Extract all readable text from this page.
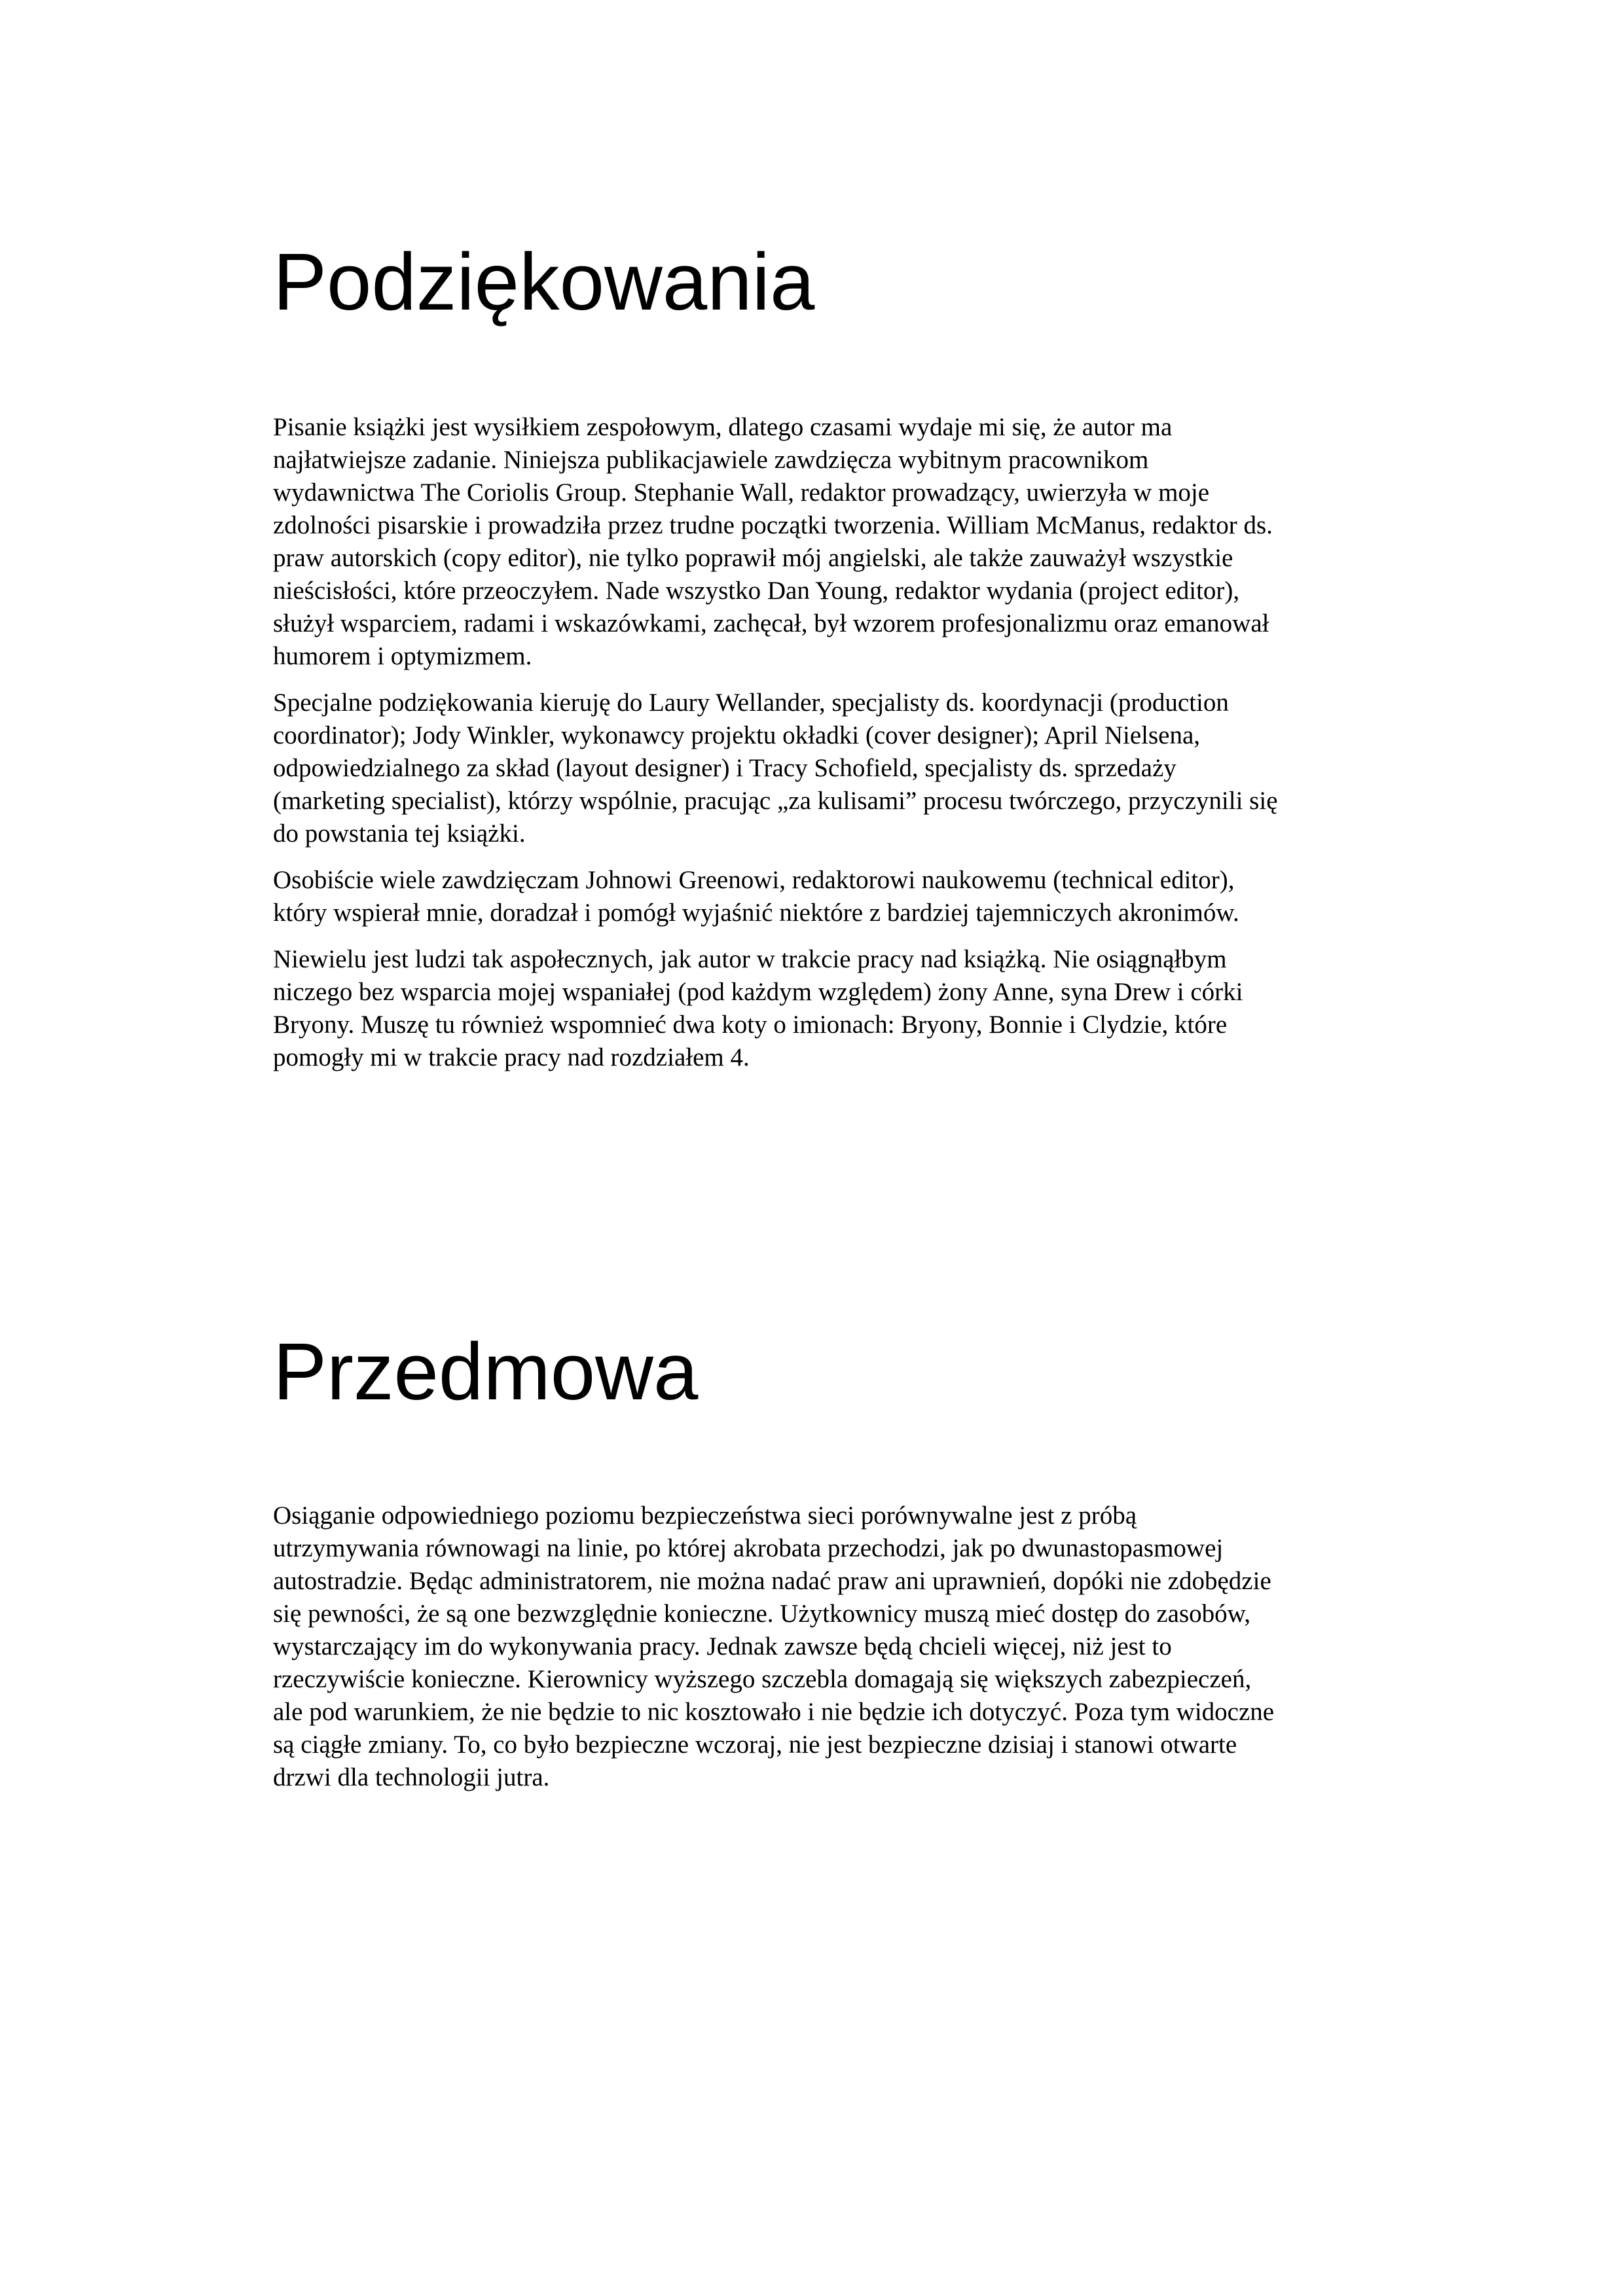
Podziękowania

Pisanie książki jest wysiłkiem zespołowym, dlatego czasami wydaje mi się, że autor ma
najłatwiejsze zadanie. Niniejsza publikacjawiele zawdzięcza wybitnym pracownikom
wydawnictwa The Coriolis Group. Stephanie Wall, redaktor prowadzący, uwierzyła w moje
zdolności pisarskie i prowadziła przez trudne początki tworzenia. William McManus, redaktor ds.
praw autorskich (copy editor), nie tylko poprawił mój angielski, ale także zauważył wszystkie
nieścisłości, które przeoczyłem. Nade wszystko Dan Young, redaktor wydania (project editor),
służył wsparciem, radami i wskazówkami, zachęcał, był wzorem profesjonalizmu oraz emanował
humorem i optymizmem.

Specjalne podziękowania kieruję do Laury Wellander, specjalisty ds. koordynacji (production
coordinator); Jody Winkler, wykonawcy projektu okładki (cover designer); April Nielsena,
odpowiedzialnego za skład (layout designer) i Tracy Schofield, specjalisty ds. sprzedaży
(marketing specialist), którzy wspólnie, pracując „za kulisami” procesu twórczego, przyczynili się
do powstania tej książki.

Osobiście wiele zawdzięczam Johnowi Greenowi, redaktorowi naukowemu (technical editor),
który wspierał mnie, doradzał i pomógł wyjaśnić niektóre z bardziej tajemniczych akronimów.

Niewielu jest ludzi tak aspołecznych, jak autor w trakcie pracy nad książką. Nie osiągnąłbym
niczego bez wsparcia mojej wspaniałej (pod każdym względem) żony Anne, syna Drew i córki
Bryony. Muszę tu również wspomnieć dwa koty o imionach: Bryony, Bonnie i Clydzie, które
pomogły mi w trakcie pracy nad rozdziałem 4.

Przedmowa

Osiąganie odpowiedniego poziomu bezpieczeństwa sieci porównywalne jest z próbą
utrzymywania równowagi na linie, po której akrobata przechodzi, jak po dwunastopasmowej
autostradzie. Będąc administratorem, nie można nadać praw ani uprawnień, dopóki nie zdobędzie
się pewności, że są one bezwzględnie konieczne. Użytkownicy muszą mieć dostęp do zasobów,
wystarczający im do wykonywania pracy. Jednak zawsze będą chcieli więcej, niż jest to
rzeczywiście konieczne. Kierownicy wyższego szczebla domagają się większych zabezpieczeń,
ale pod warunkiem, że nie będzie to nic kosztowało i nie będzie ich dotyczyć. Poza tym widoczne
są ciągłe zmiany. To, co było bezpieczne wczoraj, nie jest bezpieczne dzisiaj i stanowi otwarte
drzwi dla technologii jutra.
